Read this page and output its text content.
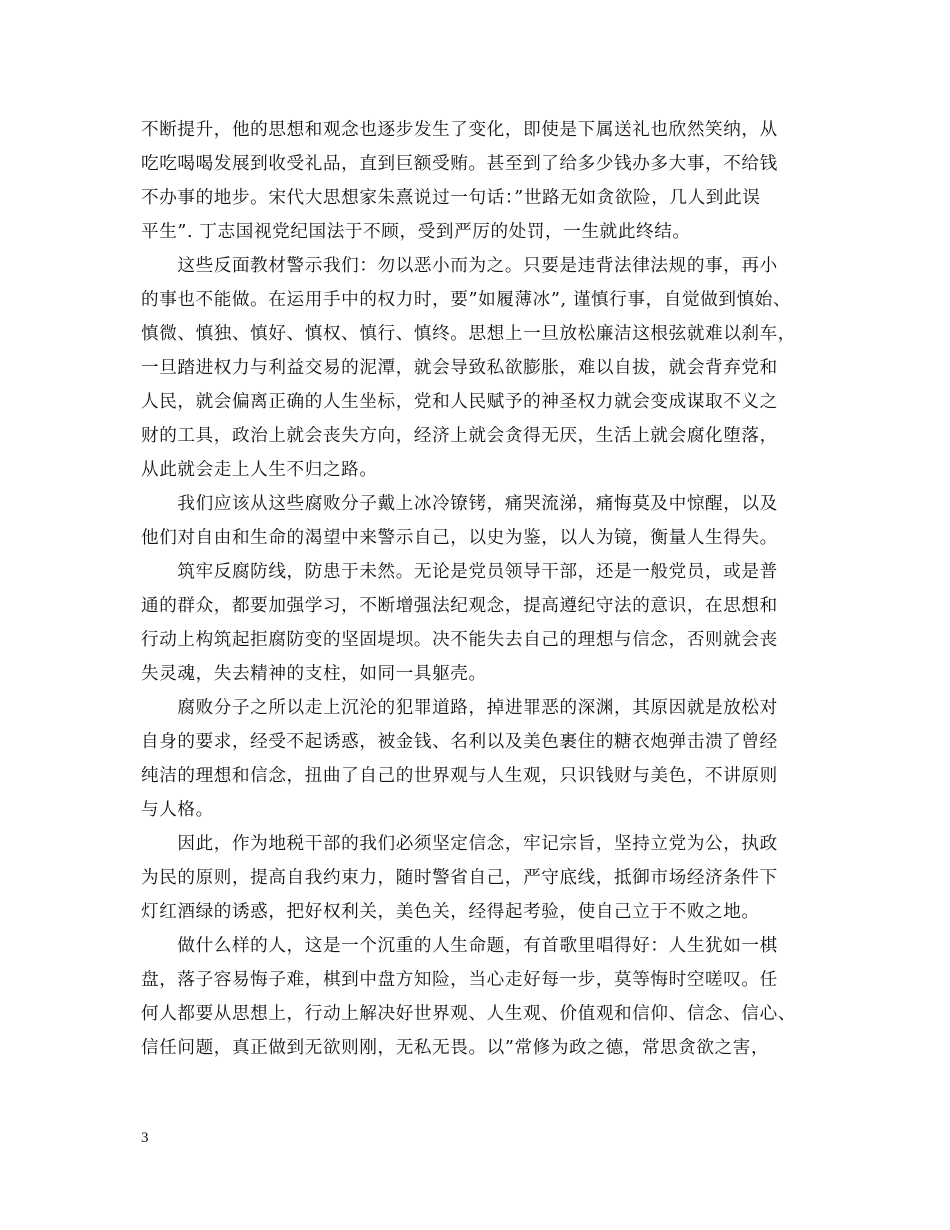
不断提升，他的思想和观念也逐步发生了变化，即使是下属送礼也欣然笑纳，从
吃吃喝喝发展到收受礼品，直到巨额受贿。甚至到了给多少钱办多大事，不给钱
不办事的地步。宋代大思想家朱熹说过一句话：”世路无如贪欲险，几人到此误
平生”. 丁志国视党纪国法于不顾，受到严厉的处罚，一生就此终结。
　　这些反面教材警示我们：勿以恶小而为之。只要是违背法律法规的事，再小
的事也不能做。在运用手中的权力时，要”如履薄冰”, 谨慎行事，自觉做到慎始、
慎微、慎独、慎好、慎权、慎行、慎终。思想上一旦放松廉洁这根弦就难以刹车，
一旦踏进权力与利益交易的泥潭，就会导致私欲膨胀，难以自拔，就会背弃党和
人民，就会偏离正确的人生坐标，党和人民赋予的神圣权力就会变成谋取不义之
财的工具，政治上就会丧失方向，经济上就会贪得无厌，生活上就会腐化堕落，
从此就会走上人生不归之路。
　　我们应该从这些腐败分子戴上冰冷镣铐，痛哭流涕，痛悔莫及中惊醒，以及
他们对自由和生命的渴望中来警示自己，以史为鉴，以人为镜，衡量人生得失。
　　筑牢反腐防线，防患于未然。无论是党员领导干部，还是一般党员，或是普
通的群众，都要加强学习，不断增强法纪观念，提高遵纪守法的意识，在思想和
行动上构筑起拒腐防变的坚固堤坝。决不能失去自己的理想与信念，否则就会丧
失灵魂，失去精神的支柱，如同一具躯壳。
　　腐败分子之所以走上沉沦的犯罪道路，掉进罪恶的深渊，其原因就是放松对
自身的要求，经受不起诱惑，被金钱、名利以及美色裹住的糖衣炮弹击溃了曾经
纯洁的理想和信念，扭曲了自己的世界观与人生观，只识钱财与美色，不讲原则
与人格。
　　因此，作为地税干部的我们必须坚定信念，牢记宗旨，坚持立党为公，执政
为民的原则，提高自我约束力，随时警省自己，严守底线，抵御市场经济条件下
灯红酒绿的诱惑，把好权利关，美色关，经得起考验，使自己立于不败之地。
　　做什么样的人，这是一个沉重的人生命题，有首歌里唱得好：人生犹如一棋
盘，落子容易悔子难，棋到中盘方知险，当心走好每一步，莫等悔时空嗟叹。任
何人都要从思想上，行动上解决好世界观、人生观、价值观和信仰、信念、信心、
信任问题，真正做到无欲则刚，无私无畏。以”常修为政之德，常思贪欲之害，
3
